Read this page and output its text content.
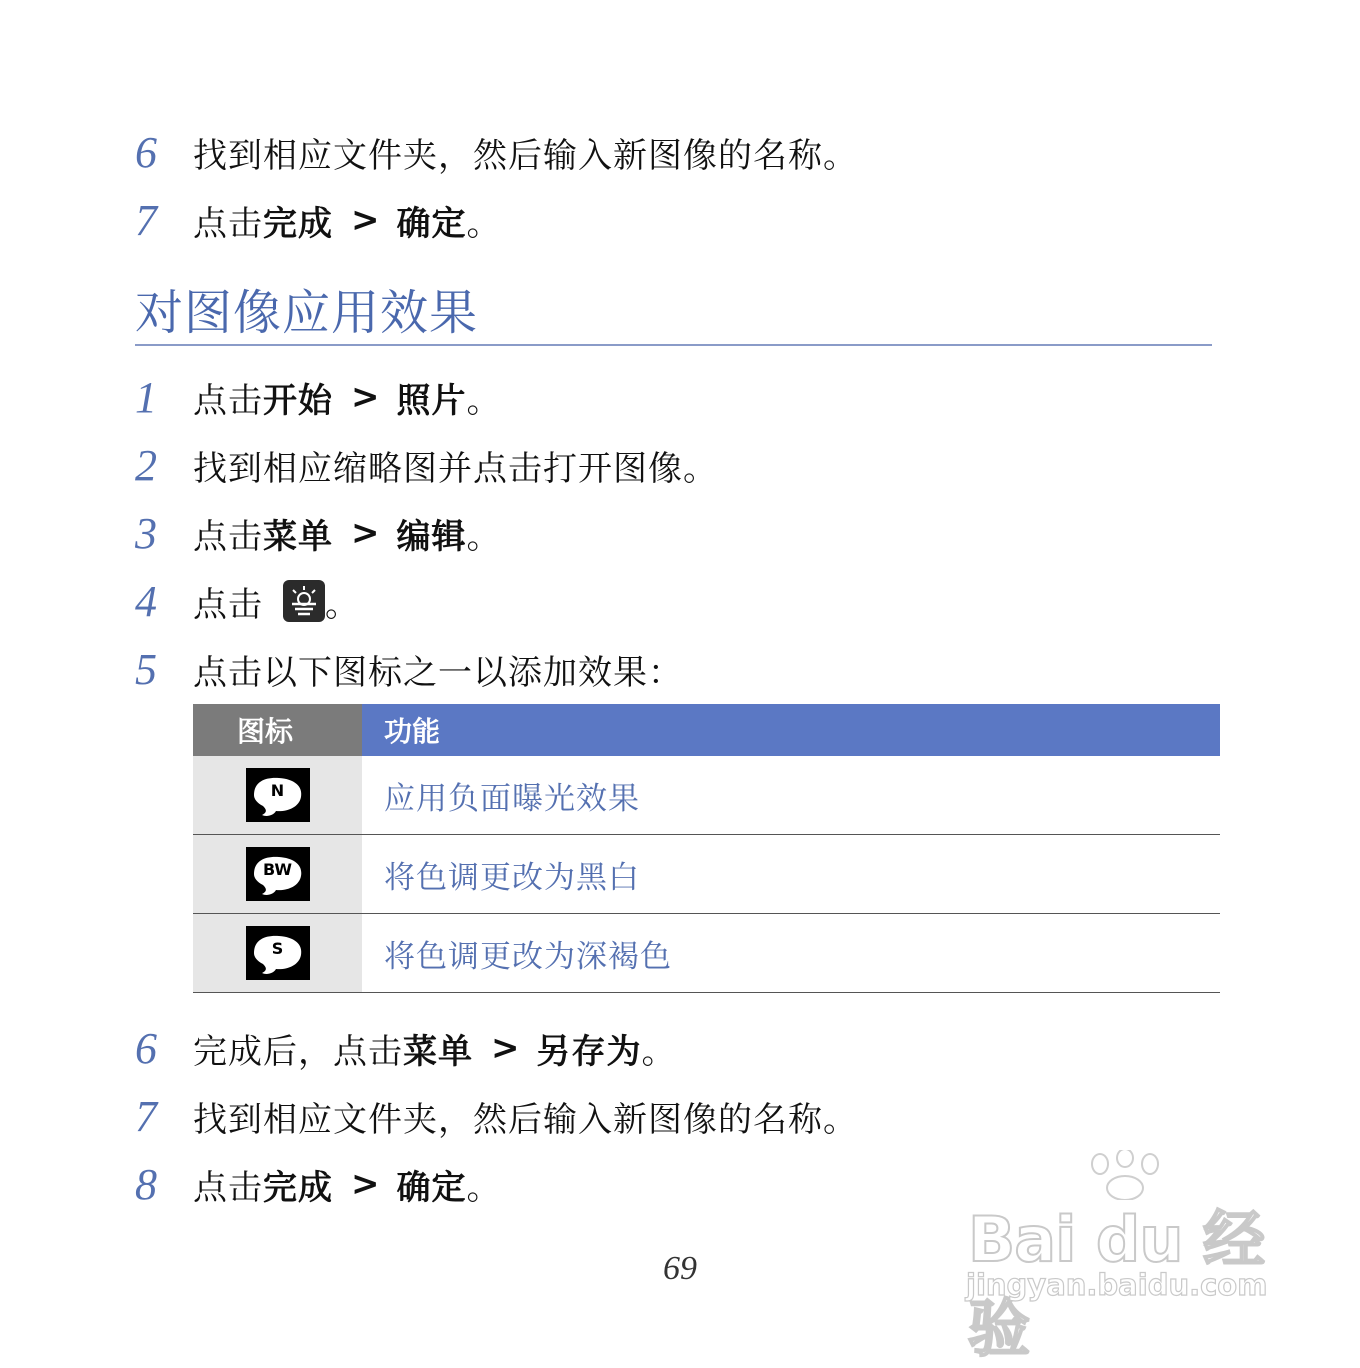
6	找到相应文件夹，然后输入新图像的名称。
7	点击 完成 > 确定 。
对图像应用效果
1	点击 开始 > 照片 。
2	找到相应缩略图并点击打开图像。
3	点击 菜单 > 编辑 。
4	点击 。
5	点击以下图标之一以添加效果：
图标	功能

N	应用负面曝光效果

BW	将色调更改为黑白

S	将色调更改为深褐色
6	完成后，点击 菜单 > 另存为 。
7	找到相应文件夹，然后输入新图像的名称。
8	点击 完成 > 确定 。
69	Bai du 经验
jingyan.baidu.com
